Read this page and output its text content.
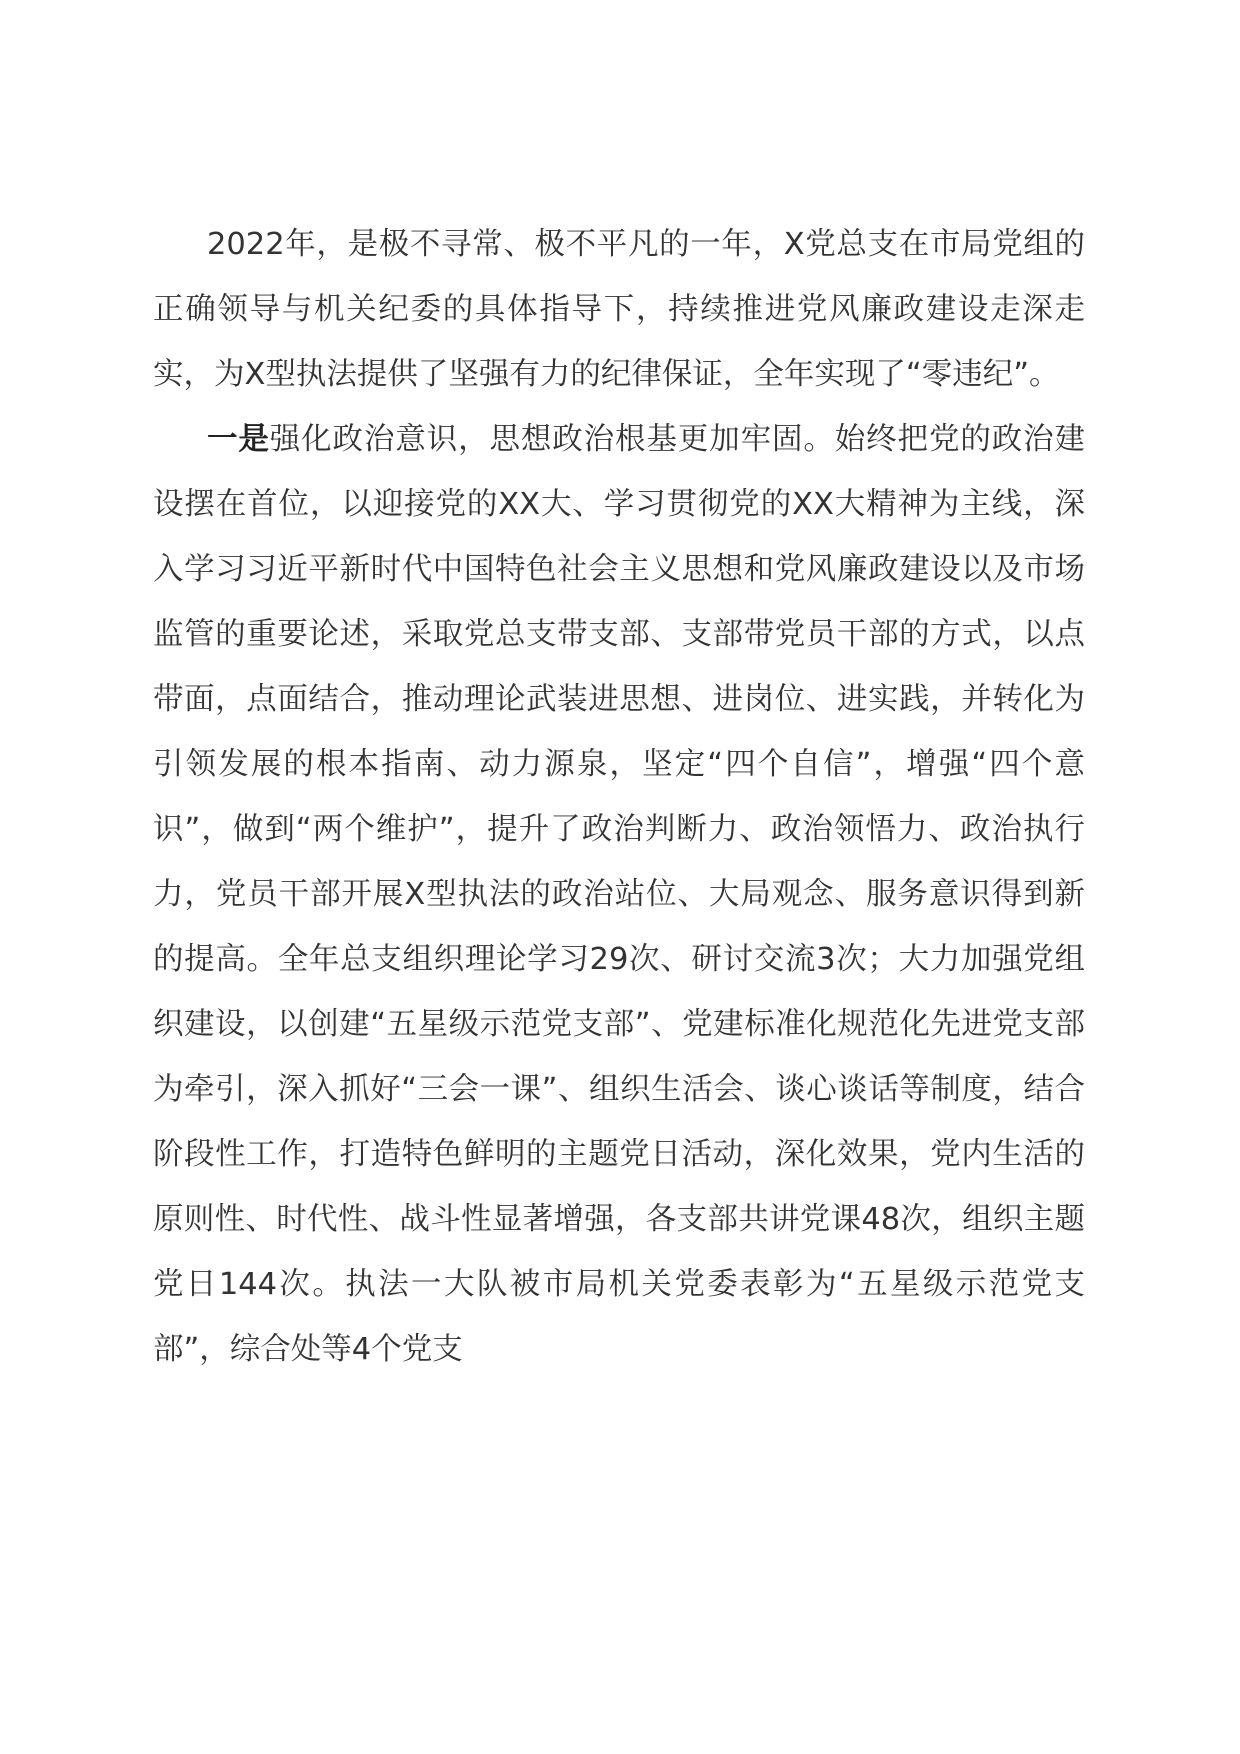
2022年，是极不寻常、极不平凡的一年，X党总支在市局党组的正确领导与机关纪委的具体指导下，持续推进党风廉政建设走深走实，为X型执法提供了坚强有力的纪律保证，全年实现了“零违纪”。

一是强化政治意识，思想政治根基更加牢固。始终把党的政治建设摆在首位，以迎接党的XX大、学习贯彻党的XX大精神为主线，深入学习习近平新时代中国特色社会主义思想和党风廉政建设以及市场监管的重要论述，采取党总支带支部、支部带党员干部的方式，以点带面，点面结合，推动理论武装进思想、进岗位、进实践，并转化为引领发展的根本指南、动力源泉，坚定“四个自信”，增强“四个意识”，做到“两个维护”，提升了政治判断力、政治领悟力、政治执行力，党员干部开展X型执法的政治站位、大局观念、服务意识得到新的提高。全年总支组织理论学习29次、研讨交流3次；大力加强党组织建设，以创建“五星级示范党支部”、党建标准化规范化先进党支部为牵引，深入抓好“三会一课”、组织生活会、谈心谈话等制度，结合阶段性工作，打造特色鲜明的主题党日活动，深化效果，党内生活的原则性、时代性、战斗性显著增强，各支部共讲党课48次，组织主题党日144次。执法一大队被市局机关党委表彰为“五星级示范党支部”，综合处等4个党支
